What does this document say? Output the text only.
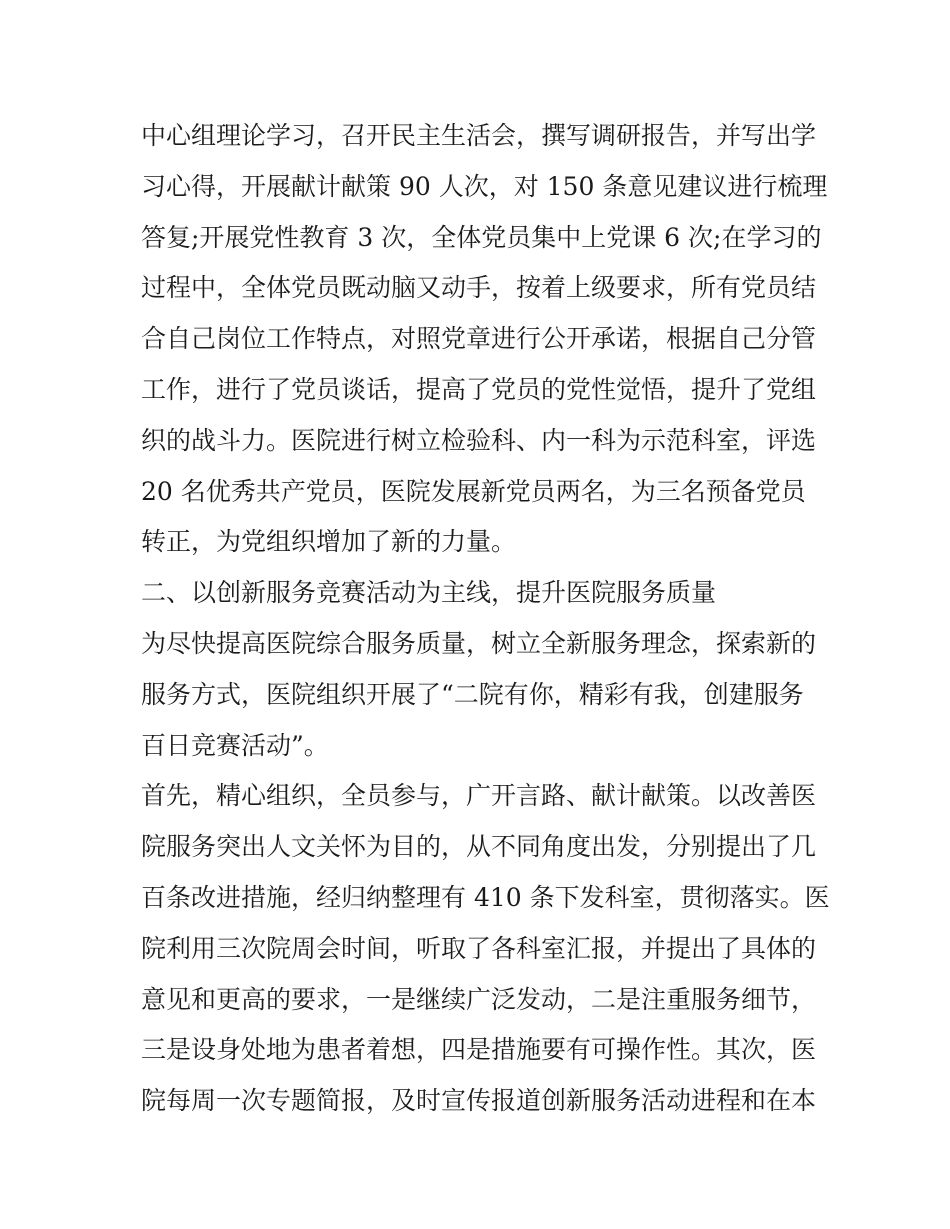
中心组理论学习，召开民主生活会，撰写调研报告，并写出学
习心得，开展献计献策 90 人次，对 150 条意见建议进行梳理
答复;开展党性教育 3 次，全体党员集中上党课 6 次;在学习的
过程中，全体党员既动脑又动手，按着上级要求，所有党员结
合自己岗位工作特点，对照党章进行公开承诺，根据自己分管
工作，进行了党员谈话，提高了党员的党性觉悟，提升了党组
织的战斗力。医院进行树立检验科、内一科为示范科室，评选
20 名优秀共产党员，医院发展新党员两名，为三名预备党员
转正，为党组织增加了新的力量。
二、以创新服务竞赛活动为主线，提升医院服务质量
为尽快提高医院综合服务质量，树立全新服务理念，探索新的
服务方式，医院组织开展了“二院有你，精彩有我，创建服务
百日竞赛活动”。
首先，精心组织，全员参与，广开言路、献计献策。以改善医
院服务突出人文关怀为目的，从不同角度出发，分别提出了几
百条改进措施，经归纳整理有 410 条下发科室，贯彻落实。医
院利用三次院周会时间，听取了各科室汇报，并提出了具体的
意见和更高的要求，一是继续广泛发动，二是注重服务细节，
三是设身处地为患者着想，四是措施要有可操作性。其次，医
院每周一次专题简报，及时宣传报道创新服务活动进程和在本
